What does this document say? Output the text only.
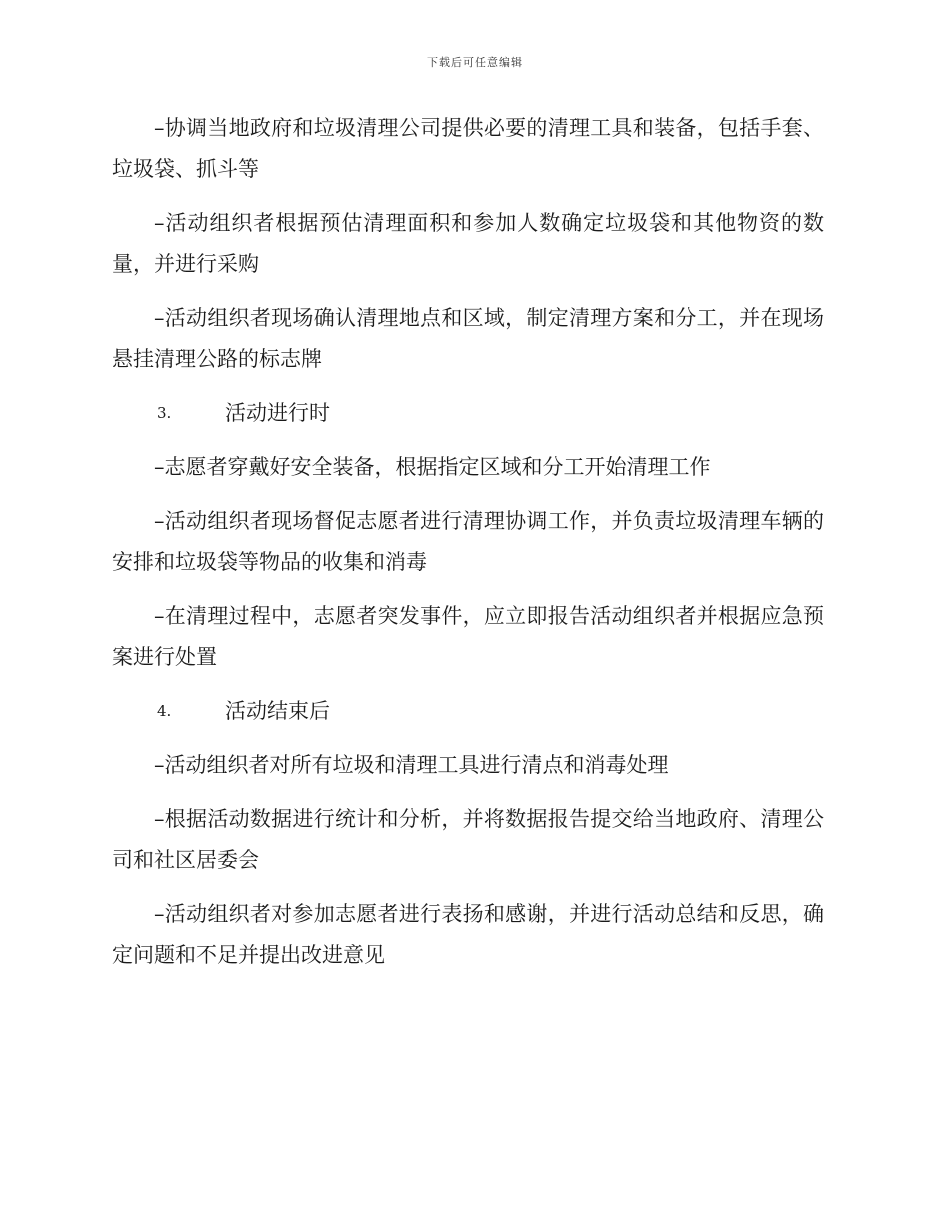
下载后可任意编辑

–协调当地政府和垃圾清理公司提供必要的清理工具和装备，包括手套、垃圾袋、抓斗等

–活动组织者根据预估清理面积和参加人数确定垃圾袋和其他物资的数量，并进行采购

–活动组织者现场确认清理地点和区域，制定清理方案和分工，并在现场悬挂清理公路的标志牌

3.	活动进行时

–志愿者穿戴好安全装备，根据指定区域和分工开始清理工作

–活动组织者现场督促志愿者进行清理协调工作，并负责垃圾清理车辆的安排和垃圾袋等物品的收集和消毒

–在清理过程中，志愿者突发事件，应立即报告活动组织者并根据应急预案进行处置

4.	活动结束后

–活动组织者对所有垃圾和清理工具进行清点和消毒处理

–根据活动数据进行统计和分析，并将数据报告提交给当地政府、清理公司和社区居委会

–活动组织者对参加志愿者进行表扬和感谢，并进行活动总结和反思，确定问题和不足并提出改进意见
